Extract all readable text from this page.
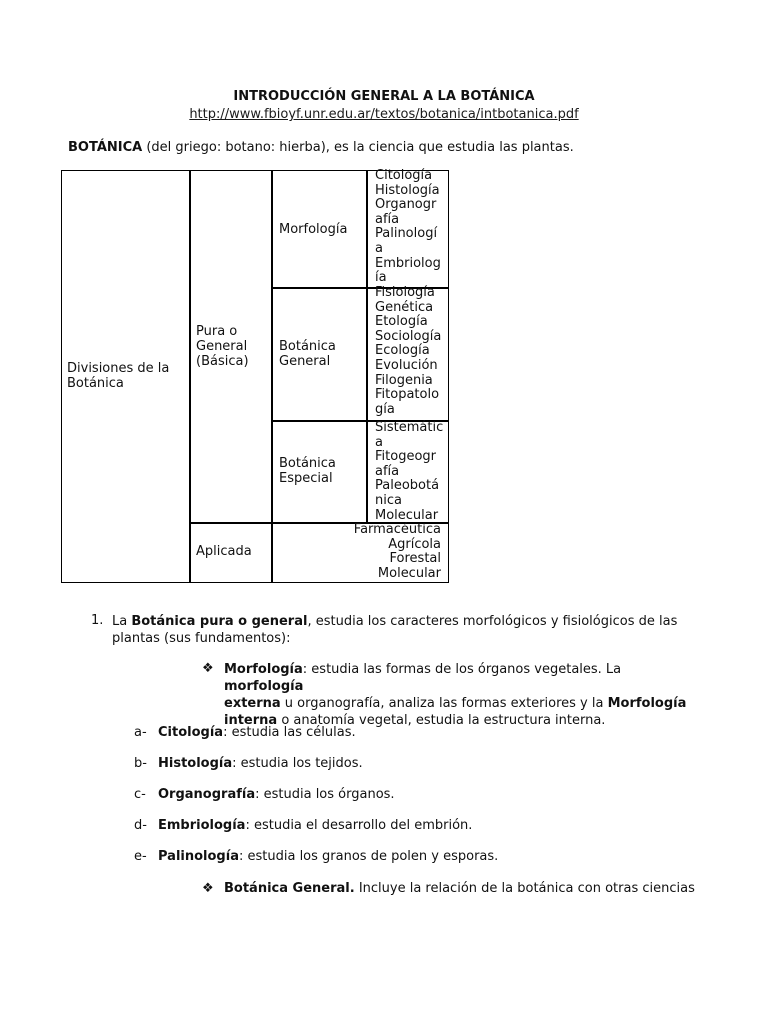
INTRODUCCIÓN GENERAL A LA BOTÁNICA
http://www.fbioyf.unr.edu.ar/textos/botanica/intbotanica.pdf
BOTÁNICA (del griego: botano: hierba), es la ciencia que estudia las plantas.
Divisiones de la Botánica
Pura o General (Básica)
Aplicada
Morfología
Botánica General
Botánica Especial
Citología
Histología
Organogr
afía
Palinologí
a
Embriolog
ía
Fisiología
Genética
Etología
Sociología
Ecología
Evolución
Filogenia
Fitopatolo
gía
Sistemátic
a
Fitogeogr
afía
Paleobotá
nica
Molecular
Farmacéutica
Agrícola
Forestal
Molecular
1. La Botánica pura o general, estudia los caracteres morfológicos y fisiológicos de las
plantas (sus fundamentos):
❖ Morfología: estudia las formas de los órganos vegetales. La morfología
externa u organografía, analiza las formas exteriores y la Morfología
interna o anatomía vegetal, estudia la estructura interna.
a- Citología: estudia las células.
b- Histología: estudia los tejidos.
c- Organografía: estudia los órganos.
d- Embriología: estudia el desarrollo del embrión.
e- Palinología: estudia los granos de polen y esporas.
❖ Botánica General. Incluye la relación de la botánica con otras ciencias
